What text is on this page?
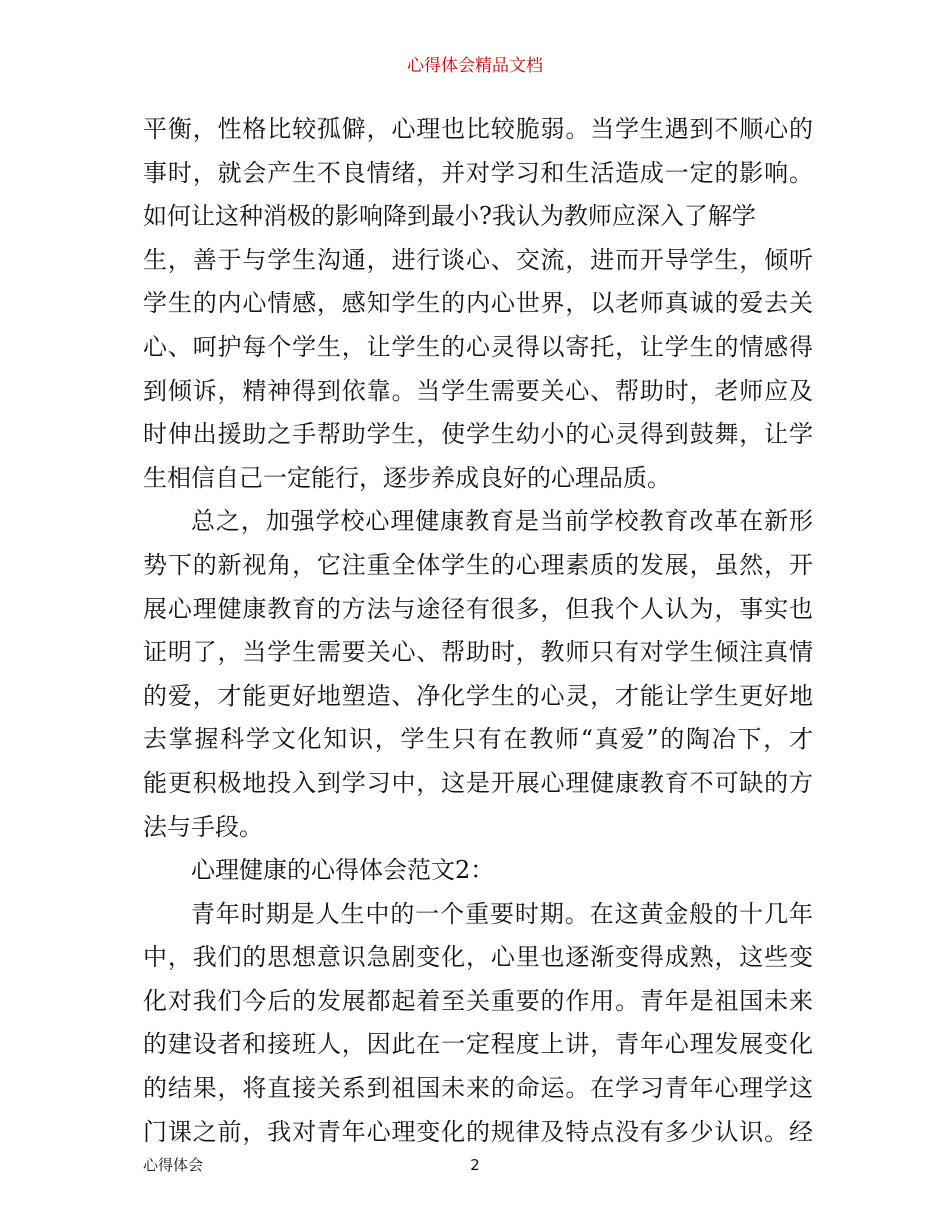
心得体会精品文档
平衡，性格比较孤僻，心理也比较脆弱。当学生遇到不顺心的
事时，就会产生不良情绪，并对学习和生活造成一定的影响。
如何让这种消极的影响降到最小?我认为教师应深入了解学
生，善于与学生沟通，进行谈心、交流，进而开导学生，倾听
学生的内心情感，感知学生的内心世界，以老师真诚的爱去关
心、呵护每个学生，让学生的心灵得以寄托，让学生的情感得
到倾诉，精神得到依靠。当学生需要关心、帮助时，老师应及
时伸出援助之手帮助学生，使学生幼小的心灵得到鼓舞，让学
生相信自己一定能行，逐步养成良好的心理品质。
总之，加强学校心理健康教育是当前学校教育改革在新形
势下的新视角，它注重全体学生的心理素质的发展，虽然，开
展心理健康教育的方法与途径有很多，但我个人认为，事实也
证明了，当学生需要关心、帮助时，教师只有对学生倾注真情
的爱，才能更好地塑造、净化学生的心灵，才能让学生更好地
去掌握科学文化知识，学生只有在教师“真爱”的陶冶下，才
能更积极地投入到学习中，这是开展心理健康教育不可缺的方
法与手段。
心理健康的心得体会范文2：
青年时期是人生中的一个重要时期。在这黄金般的十几年
中，我们的思想意识急剧变化，心里也逐渐变得成熟，这些变
化对我们今后的发展都起着至关重要的作用。青年是祖国未来
的建设者和接班人，因此在一定程度上讲，青年心理发展变化
的结果，将直接关系到祖国未来的命运。在学习青年心理学这
门课之前，我对青年心理变化的规律及特点没有多少认识。经
心得体会	2
